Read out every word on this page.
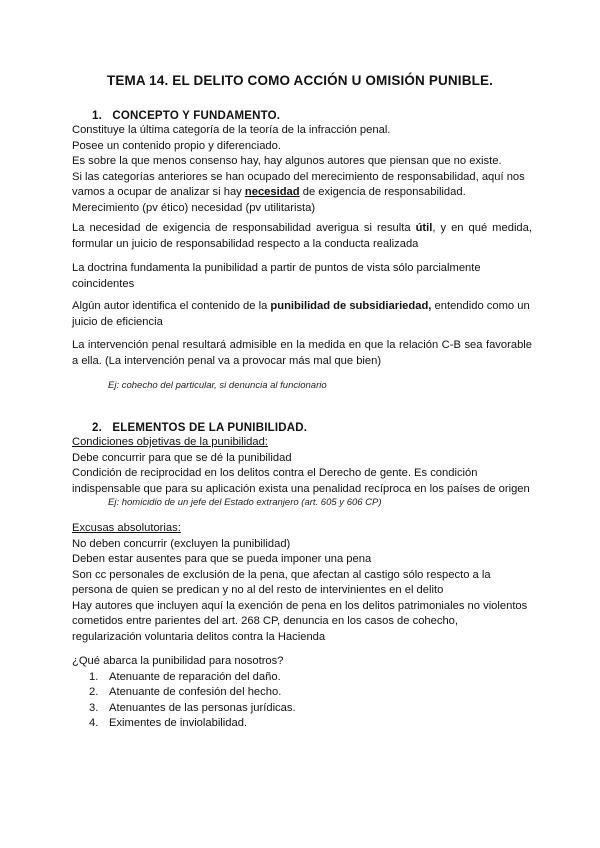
TEMA 14. EL DELITO COMO ACCIÓN U OMISIÓN PUNIBLE.
1. CONCEPTO Y FUNDAMENTO.

Constituye la última categoría de la teoría de la infracción penal.

Posee un contenido propio y diferenciado.

Es sobre la que menos consenso hay, hay algunos autores que piensan que no existe.

Si las categorías anteriores se han ocupado del merecimiento de responsabilidad, aquí nos

vamos a ocupar de analizar si hay necesidad de exigencia de responsabilidad.

Merecimiento (pv ético) necesidad (pv utilitarista)

La necesidad de exigencia de responsabilidad averigua si resulta útil, y en qué medida, formular un juicio de responsabilidad respecto a la conducta realizada
La doctrina fundamenta la punibilidad a partir de puntos de vista sólo parcialmente coincidentes
Algún autor identifica el contenido de la punibilidad de subsidiariedad, entendido como un juicio de eficiencia
La intervención penal resultará admisible en la medida en que la relación C-B sea favorable a ella. (La intervención penal va a provocar más mal que bien)
Ej: cohecho del particular, si denuncia al funcionario
2. ELEMENTOS DE LA PUNIBILIDAD.

Condiciones objetivas de la punibilidad:

Debe concurrir para que se dé la punibilidad

Condición de reciprocidad en los delitos contra el Derecho de gente. Es condición

indispensable que para su aplicación exista una penalidad recíproca en los países de origen

Ej: homicidio de un jefe del Estado extranjero (art. 605 y 606 CP)

Excusas absolutorias:

No deben concurrir (excluyen la punibilidad)

Deben estar ausentes para que se pueda imponer una pena

Son cc personales de exclusión de la pena, que afectan al castigo sólo respecto a la

persona de quien se predican y no al del resto de intervinientes en el delito

Hay autores que incluyen aquí la exención de pena en los delitos patrimoniales no violentos

cometidos entre parientes del art. 268 CP, denuncia en los casos de cohecho,

regularización voluntaria delitos contra la Hacienda

¿Qué abarca la punibilidad para nosotros?

1. Atenuante de reparación del daño.
2. Atenuante de confesión del hecho.
3. Atenuantes de las personas jurídicas.
4. Eximentes de inviolabilidad.
